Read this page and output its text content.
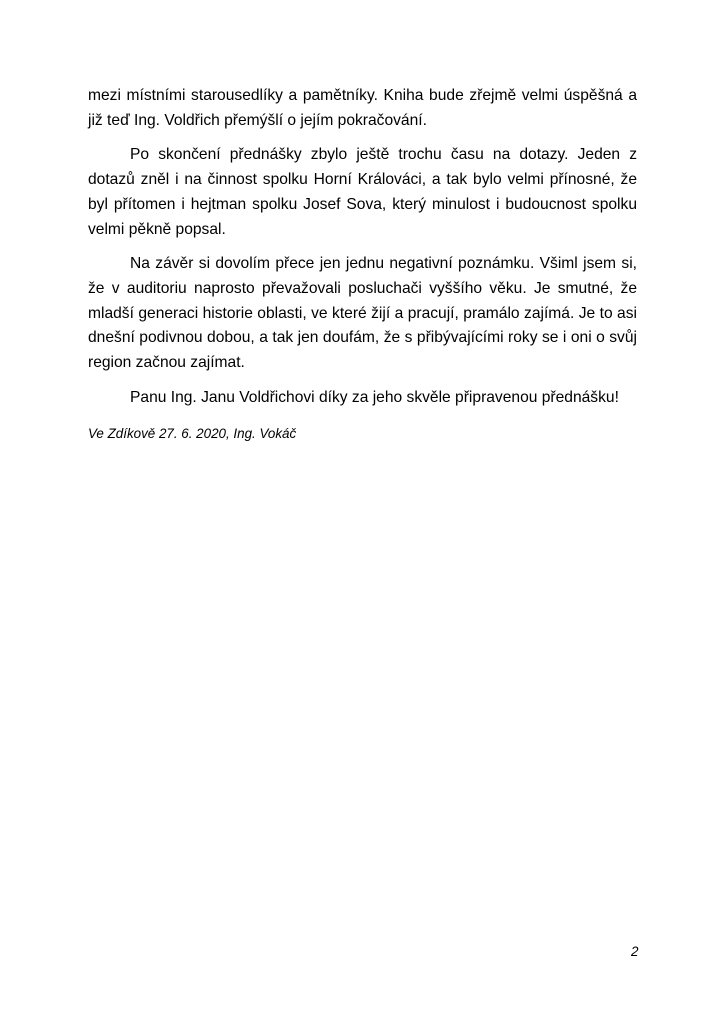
mezi místními starousedlíky a pamětníky. Kniha bude zřejmě velmi úspěšná a již teď Ing. Voldřich přemýšlí o jejím pokračování.

Po skončení přednášky zbylo ještě trochu času na dotazy. Jeden z dotazů zněl i na činnost spolku Horní Králováci, a tak bylo velmi přínosné, že byl přítomen i hejtman spolku Josef Sova, který minulost i budoucnost spolku velmi pěkně popsal.

Na závěr si dovolím přece jen jednu negativní poznámku. Všiml jsem si, že v auditoriu naprosto převažovali posluchači vyššího věku. Je smutné, že mladší generaci historie oblasti, ve které žijí a pracují, pramálo zajímá. Je to asi dnešní podivnou dobou, a tak jen doufám, že s přibývajícími roky se i oni o svůj region začnou zajímat.

Panu Ing. Janu Voldřichovi díky za jeho skvěle připravenou přednášku!

Ve Zdíkově 27. 6. 2020, Ing. Vokáč
2
